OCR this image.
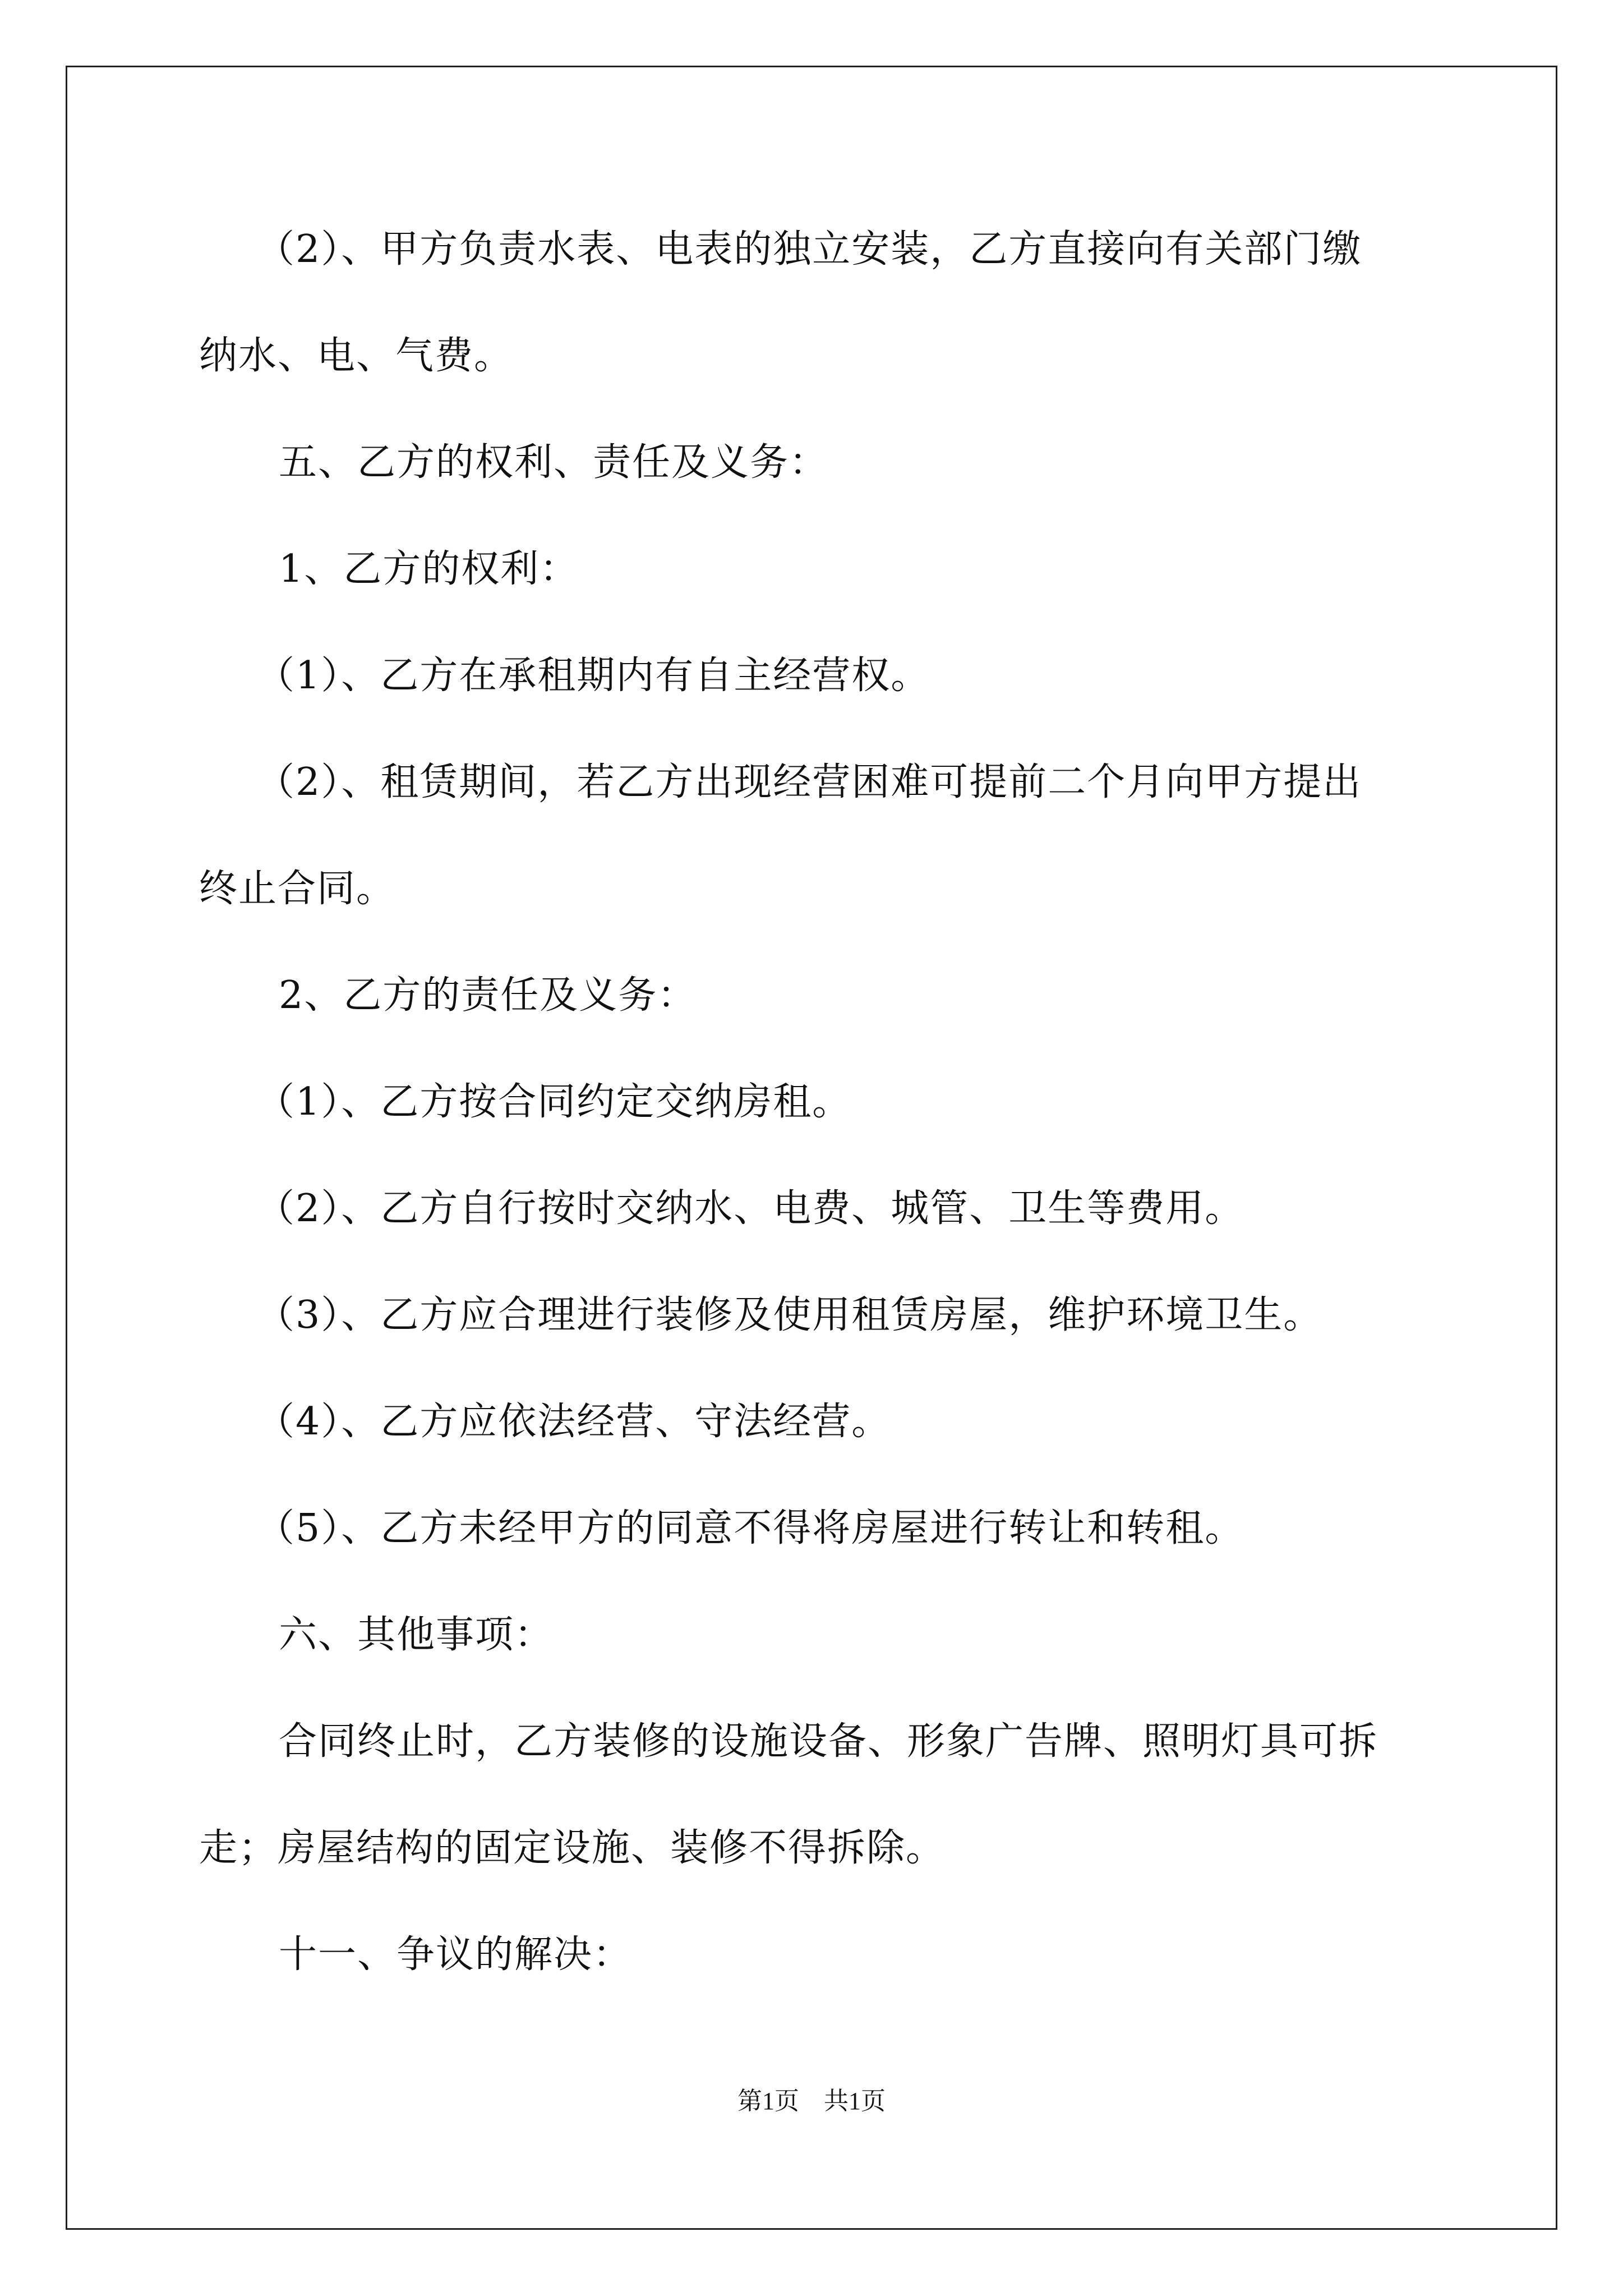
（2）、甲方负责水表、电表的独立安装，乙方直接向有关部门缴
纳水、电、气费。
五、乙方的权利、责任及义务：
1、乙方的权利：
（1）、乙方在承租期内有自主经营权。
（2）、租赁期间，若乙方出现经营困难可提前二个月向甲方提出
终止合同。
2、乙方的责任及义务：
（1）、乙方按合同约定交纳房租。
（2）、乙方自行按时交纳水、电费、城管、卫生等费用。
（3）、乙方应合理进行装修及使用租赁房屋，维护环境卫生。
（4）、乙方应依法经营、守法经营。
（5）、乙方未经甲方的同意不得将房屋进行转让和转租。
六、其他事项：
合同终止时，乙方装修的设施设备、形象广告牌、照明灯具可拆
走；房屋结构的固定设施、装修不得拆除。
十一、争议的解决：
第1页　共1页
